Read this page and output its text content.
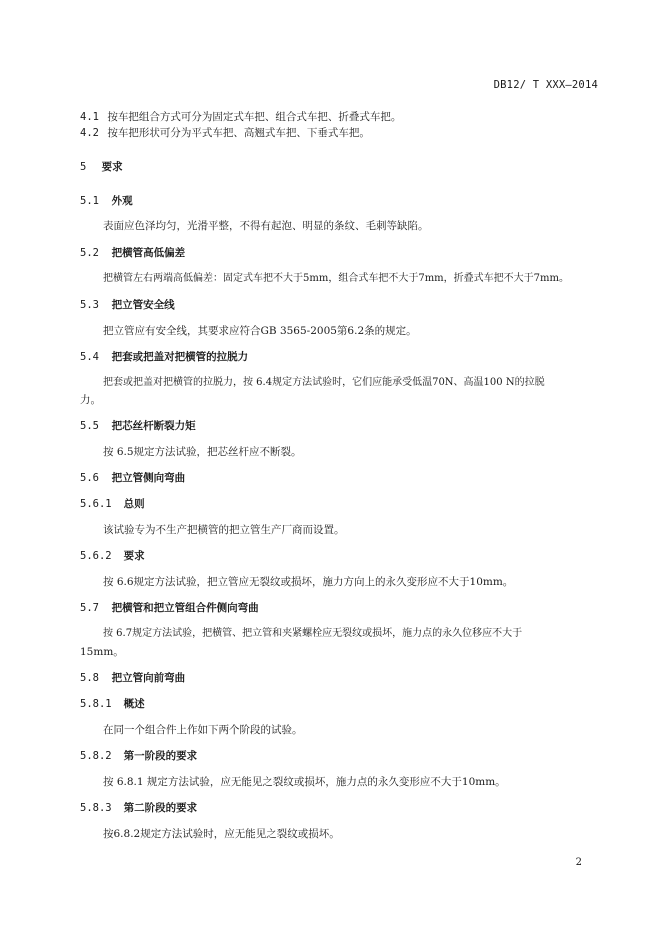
DB12/ T XXX—2014
4.1 按车把组合方式可分为固定式车把、组合式车把、折叠式车把。
4.2 按车把形状可分为平式车把、高翘式车把、下垂式车把。
5 要求
5.1 外观
表面应色泽均匀，光滑平整，不得有起泡、明显的条纹、毛刺等缺陷。
5.2 把横管高低偏差
把横管左右两端高低偏差：固定式车把不大于5mm，组合式车把不大于7mm，折叠式车把不大于7mm。
5.3 把立管安全线
把立管应有安全线，其要求应符合GB 3565-2005第6.2条的规定。
5.4 把套或把盖对把横管的拉脱力
把套或把盖对把横管的拉脱力，按 6.4规定方法试验时，它们应能承受低温70N、高温100 N的拉脱
力。
5.5 把芯丝杆断裂力矩
按 6.5规定方法试验，把芯丝杆应不断裂。
5.6 把立管侧向弯曲
5.6.1 总则
该试验专为不生产把横管的把立管生产厂商而设置。
5.6.2 要求
按 6.6规定方法试验，把立管应无裂纹或损坏，施力方向上的永久变形应不大于10mm。
5.7 把横管和把立管组合件侧向弯曲
按 6.7规定方法试验，把横管、把立管和夹紧螺栓应无裂纹或损坏，施力点的永久位移应不大于
15mm。
5.8 把立管向前弯曲
5.8.1 概述
在同一个组合件上作如下两个阶段的试验。
5.8.2 第一阶段的要求
按 6.8.1 规定方法试验，应无能见之裂纹或损坏，施力点的永久变形应不大于10mm。
5.8.3 第二阶段的要求
按6.8.2规定方法试验时，应无能见之裂纹或损坏。
2
